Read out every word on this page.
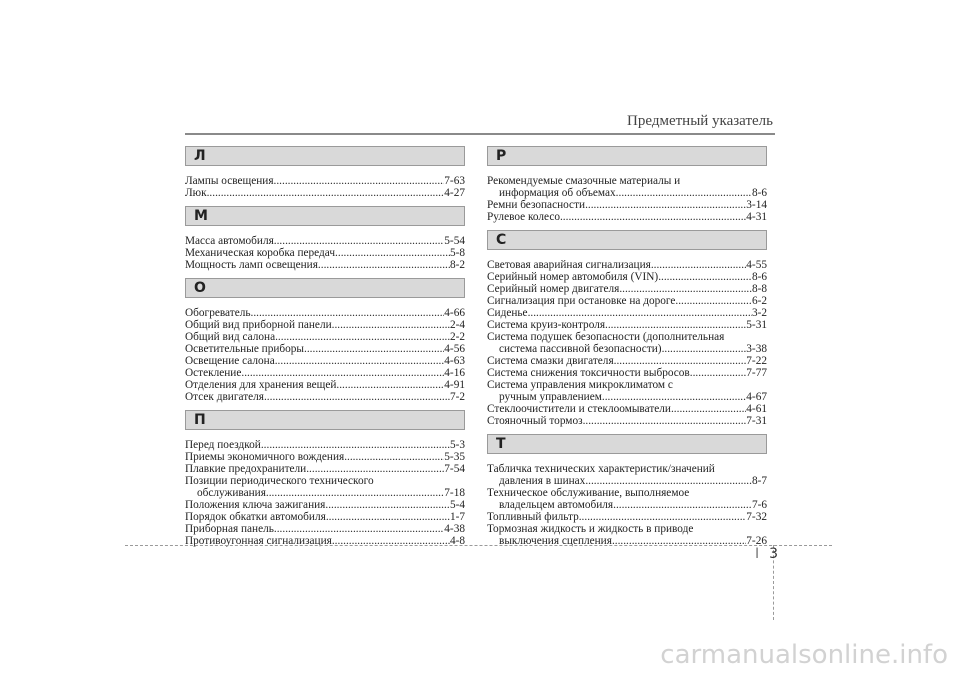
Предметный указатель
Л
Лампы освещения .....	7-63
Люк .....	4-27
М
Масса автомобиля .....	5-54
Механическая коробка передач .....	5-8
Мощность ламп освещения .....	8-2
О
Обогреватель .....	4-66
Общий вид приборной панели .....	2-4
Общий вид салона .....	2-2
Осветительные приборы .....	4-56
Освещение салона .....	4-63
Остекление .....	4-16
Отделения для хранения вещей .....	4-91
Отсек двигателя .....	7-2
П
Перед поездкой .....	5-3
Приемы экономичного вождения .....	5-35
Плавкие предохранители .....	7-54
Позиции периодического технического
обслуживания .....	7-18
Положения ключа зажигания .....	5-4
Порядок обкатки автомобиля .....	1-7
Приборная панель .....	4-38
Противоугонная сигнализация .....	4-8
Р
Рекомендуемые смазочные материалы и
информация об объемах .....	8-6
Ремни безопасности .....	3-14
Рулевое колесо .....	4-31
С
Световая аварийная сигнализация .....	4-55
Серийный номер автомобиля (VIN) .....	8-6
Серийный номер двигателя .....	8-8
Сигнализация при остановке на дороге .....	6-2
Сиденье .....	3-2
Система круиз-контроля .....	5-31
Система подушек безопасности (дополнительная
система пассивной безопасности) .....	3-38
Система смазки двигателя .....	7-22
Система снижения токсичности выбросов .....	7-77
Система управления микроклиматом с
ручным управлением .....	4-67
Стеклоочистители и стеклоомыватели .....	4-61
Стояночный тормоз .....	7-31
Т
Табличка технических характеристик/значений
давления в шинах .....	8-7
Техническое обслуживание, выполняемое
владельцем автомобиля .....	7-6
Топливный фильтр .....	7-32
Тормозная жидкость и жидкость в приводе
выключения сцепления .....	7-26
I 3
carmanualsonline.info
